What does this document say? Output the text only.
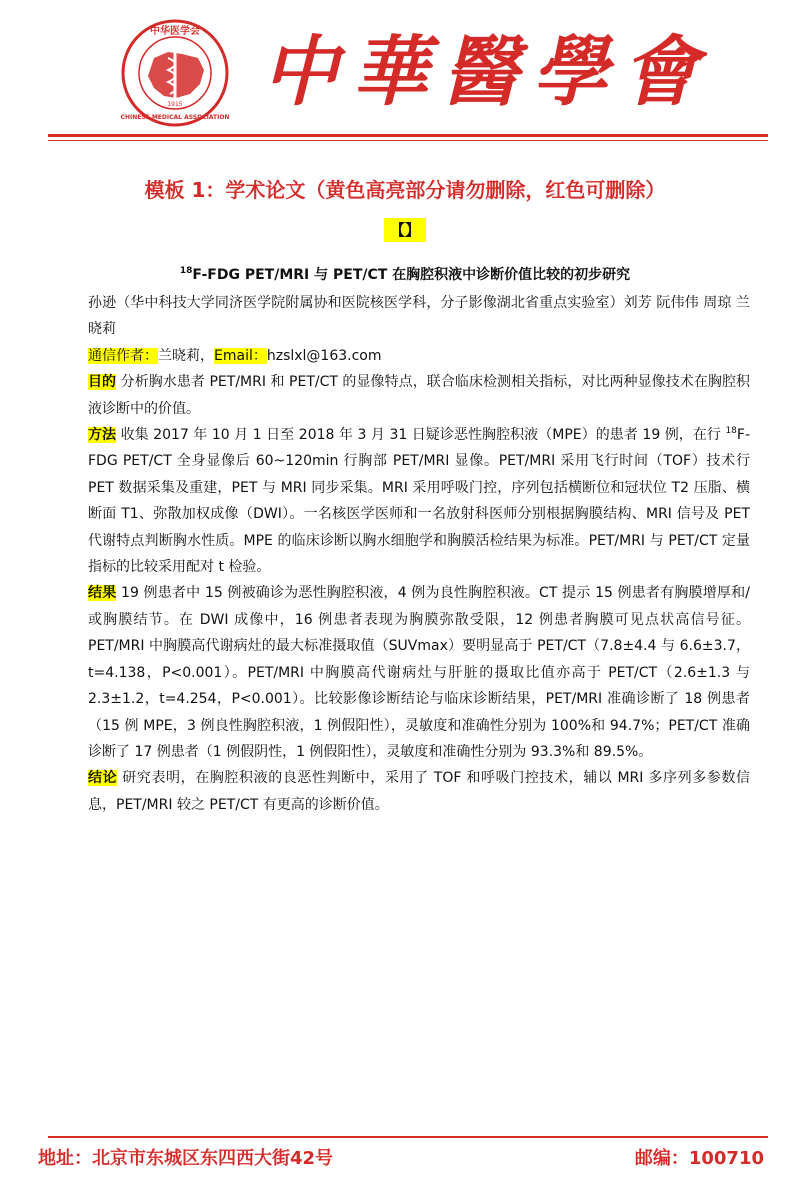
中华医学会
CHINESE MEDICAL ASSOCIATION
1915 中華醫學會
模板 1：学术论文（黄色高亮部分请勿删除，红色可删除）
【】
$^{18}$F-FDG PET/MRI 与 PET/CT 在胸腔积液中诊断价值比较的初步研究

孙逊（华中科技大学同济医学院附属协和医院核医学科，分子影像湖北省重点实验室）刘芳 阮伟伟 周琼 兰晓莉

通信作者：兰晓莉，Email：hzslxl@163.com

目的 分析胸水患者 PET/MRI 和 PET/CT 的显像特点，联合临床检测相关指标，对比两种显像技术在胸腔积液诊断中的价值。

方法 收集 2017 年 10 月 1 日至 2018 年 3 月 31 日疑诊恶性胸腔积液（MPE）的患者 19 例，在行 $^{18}$F-FDG PET/CT 全身显像后 60~120min 行胸部 PET/MRI 显像。PET/MRI 采用飞行时间（TOF）技术行 PET 数据采集及重建，PET 与 MRI 同步采集。MRI 采用呼吸门控，序列包括横断位和冠状位 T2 压脂、横断面 T1、弥散加权成像（DWI）。一名核医学医师和一名放射科医师分别根据胸膜结构、MRI 信号及 PET 代谢特点判断胸水性质。MPE 的临床诊断以胸水细胞学和胸膜活检结果为标准。PET/MRI 与 PET/CT 定量指标的比较采用配对 t 检验。

结果 19 例患者中 15 例被确诊为恶性胸腔积液，4 例为良性胸腔积液。CT 提示 15 例患者有胸膜增厚和/或胸膜结节。在 DWI 成像中，16 例患者表现为胸膜弥散受限，12 例患者胸膜可见点状高信号征。PET/MRI 中胸膜高代谢病灶的最大标准摄取值（SUVmax）要明显高于 PET/CT（7.8±4.4 与 6.6±3.7，t=4.138，P<0.001）。PET/MRI 中胸膜高代谢病灶与肝脏的摄取比值亦高于 PET/CT（2.6±1.3 与 2.3±1.2，t=4.254，P<0.001）。比较影像诊断结论与临床诊断结果，PET/MRI 准确诊断了 18 例患者（15 例 MPE，3 例良性胸腔积液，1 例假阳性），灵敏度和准确性分别为 100%和 94.7%；PET/CT 准确诊断了 17 例患者（1 例假阴性，1 例假阳性），灵敏度和准确性分别为 93.3%和 89.5%。

结论 研究表明，在胸腔积液的良恶性判断中，采用了 TOF 和呼吸门控技术，辅以 MRI 多序列多参数信息，PET/MRI 较之 PET/CT 有更高的诊断价值。

地址：北京市东城区东四西大街42号	邮编：100710
